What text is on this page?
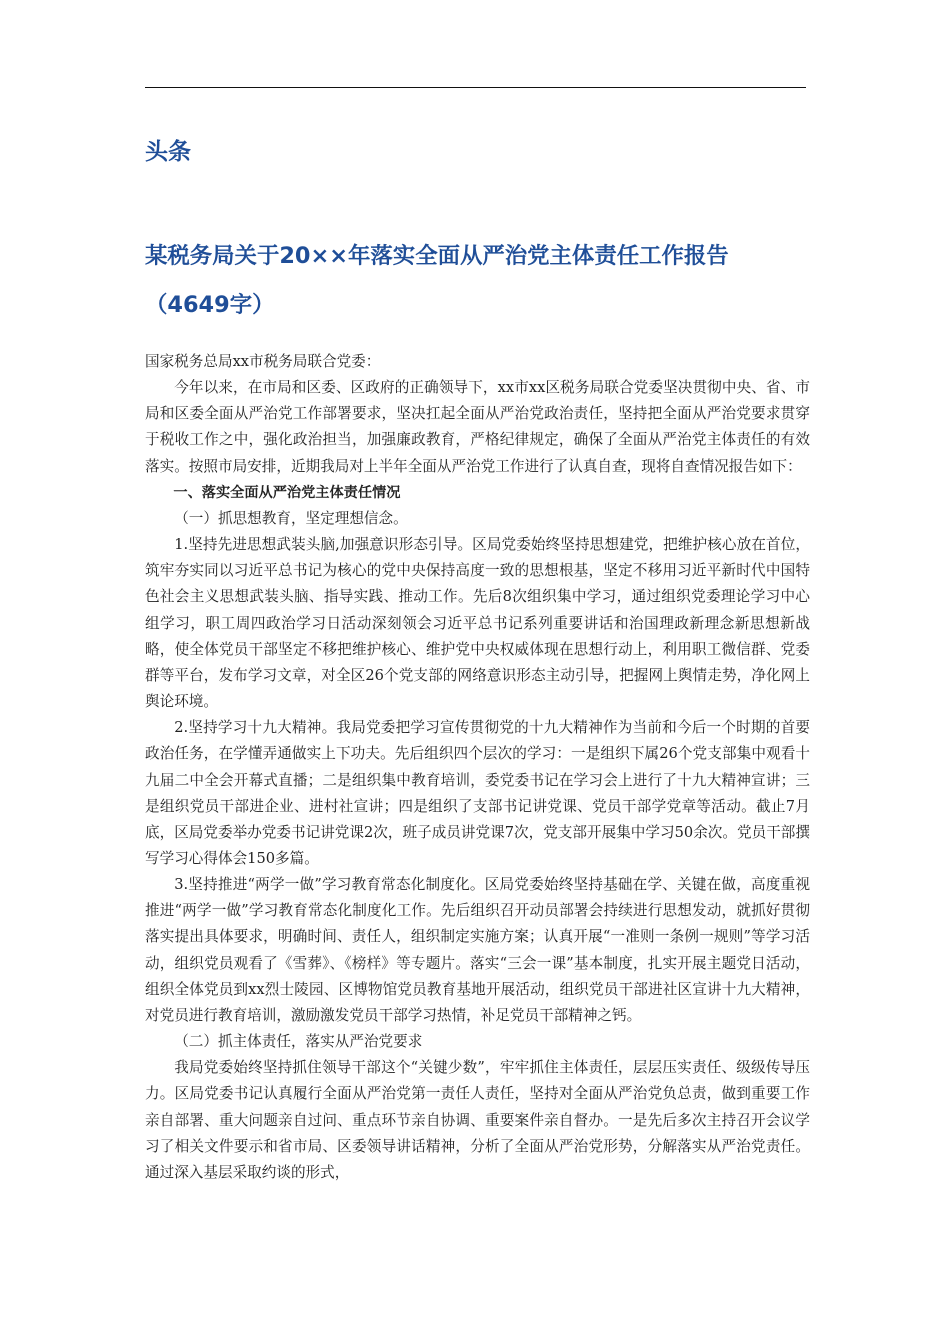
头条
某税务局关于20××年落实全面从严治党主体责任工作报告（4649字）

国家税务总局xx市税务局联合党委：

今年以来，在市局和区委、区政府的正确领导下，xx市xx区税务局联合党委坚决贯彻中央、省、市局和区委全面从严治党工作部署要求，坚决扛起全面从严治党政治责任，坚持把全面从严治党要求贯穿于税收工作之中，强化政治担当，加强廉政教育，严格纪律规定，确保了全面从严治党主体责任的有效落实。按照市局安排，近期我局对上半年全面从严治党工作进行了认真自查，现将自查情况报告如下：

一、落实全面从严治党主体责任情况

（一）抓思想教育，坚定理想信念。

1.坚持先进思想武装头脑,加强意识形态引导。区局党委始终坚持思想建党，把维护核心放在首位，筑牢夯实同以习近平总书记为核心的党中央保持高度一致的思想根基，坚定不移用习近平新时代中国特色社会主义思想武装头脑、指导实践、推动工作。先后8次组织集中学习，通过组织党委理论学习中心组学习，职工周四政治学习日活动深刻领会习近平总书记系列重要讲话和治国理政新理念新思想新战略，使全体党员干部坚定不移把维护核心、维护党中央权威体现在思想行动上，利用职工微信群、党委群等平台，发布学习文章，对全区26个党支部的网络意识形态主动引导，把握网上舆情走势，净化网上舆论环境。

2.坚持学习十九大精神。我局党委把学习宣传贯彻党的十九大精神作为当前和今后一个时期的首要政治任务，在学懂弄通做实上下功夫。先后组织四个层次的学习：一是组织下属26个党支部集中观看十九届二中全会开幕式直播；二是组织集中教育培训，委党委书记在学习会上进行了十九大精神宣讲；三是组织党员干部进企业、进村社宣讲；四是组织了支部书记讲党课、党员干部学党章等活动。截止7月底，区局党委举办党委书记讲党课2次，班子成员讲党课7次，党支部开展集中学习50余次。党员干部撰写学习心得体会150多篇。

3.坚持推进“两学一做”学习教育常态化制度化。区局党委始终坚持基础在学、关键在做，高度重视推进“两学一做”学习教育常态化制度化工作。先后组织召开动员部署会持续进行思想发动，就抓好贯彻落实提出具体要求，明确时间、责任人，组织制定实施方案；认真开展“一准则一条例一规则”等学习活动，组织党员观看了《雪葬》、《榜样》等专题片。落实“三会一课”基本制度，扎实开展主题党日活动，组织全体党员到xx烈士陵园、区博物馆党员教育基地开展活动，组织党员干部进社区宣讲十九大精神，对党员进行教育培训，激励激发党员干部学习热情，补足党员干部精神之钙。

（二）抓主体责任，落实从严治党要求

我局党委始终坚持抓住领导干部这个“关键少数”，牢牢抓住主体责任，层层压实责任、级级传导压力。区局党委书记认真履行全面从严治党第一责任人责任，坚持对全面从严治党负总责，做到重要工作亲自部署、重大问题亲自过问、重点环节亲自协调、重要案件亲自督办。一是先后多次主持召开会议学习了相关文件要示和省市局、区委领导讲话精神，分析了全面从严治党形势，分解落实从严治党责任。通过深入基层采取约谈的形式，
